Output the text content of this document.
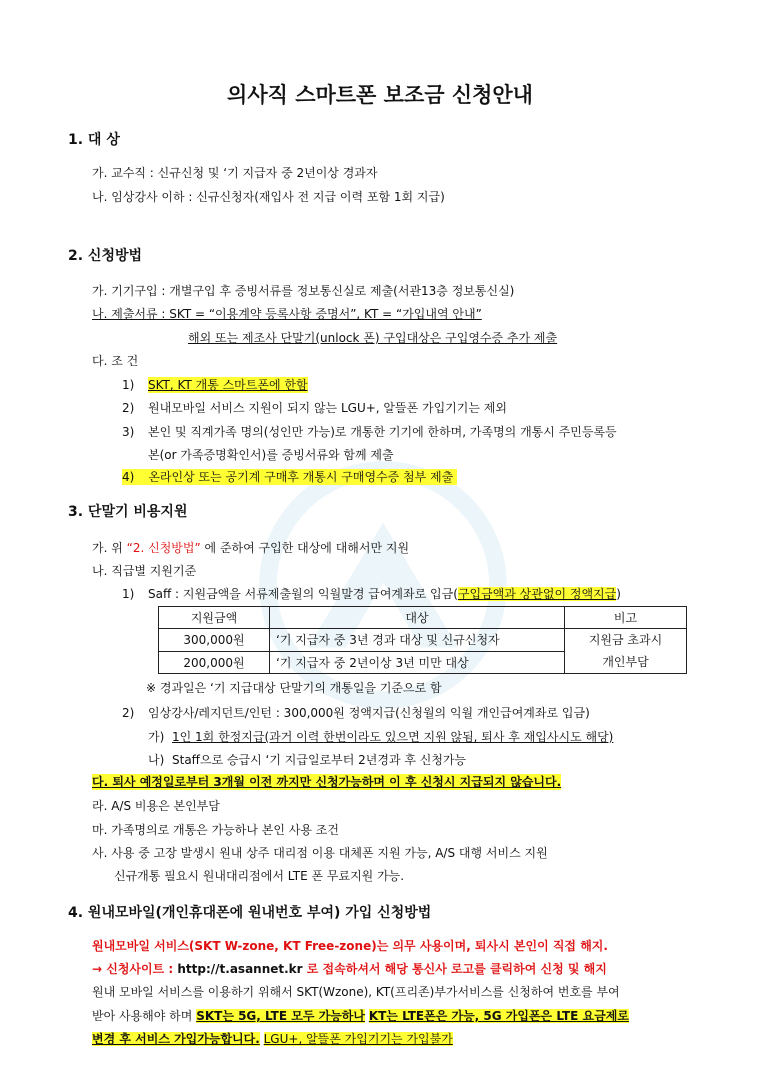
의사직 스마트폰 보조금 신청안내
1. 대 상
가. 교수직 : 신규신청 및 ‘기 지급자 중 2년이상 경과자
나. 임상강사 이하 : 신규신청자(재입사 전 지급 이력 포함 1회 지급)
2. 신청방법
가. 기기구입 : 개별구입 후 증빙서류를 정보통신실로 제출(서관13층 정보통신실)
나. 제출서류 : SKT = “이용계약 등록사항 증명서”, KT = “가입내역 안내”
해외 또는 제조사 단말기(unlock 폰) 구입대상은 구입영수증 추가 제출
다. 조 건
1) SKT, KT 개통 스마트폰에 한함
2) 원내모바일 서비스 지원이 되지 않는 LGU+, 알뜰폰 가입기기는 제외
3) 본인 및 직계가족 명의(성인만 가능)로 개통한 기기에 한하며, 가족명의 개통시 주민등록등
본(or 가족증명확인서)를 증빙서류와 함께 제출
4) 온라인상 또는 공기계 구매후 개통시 구매영수증 첨부 제출
3. 단말기 비용지원
가. 위 “2. 신청방법” 에 준하여 구입한 대상에 대해서만 지원
나. 직급별 지원기준
1) Saff : 지원금액을 서류제출월의 익월말경 급여계좌로 입금(구입금액과 상관없이 정액지급)
지원금액	대상	비고
300,000원	‘기 지급자 중 3년 경과 대상 및 신규신청자	지원금 초과시
개인부담

200,000원	‘기 지급자 중 2년이상 3년 미만 대상	
※ 경과일은 ‘기 지급대상 단말기의 개통일을 기준으로 함
2) 임상강사/레지던트/인턴 : 300,000원 정액지급(신청월의 익월 개인급여계좌로 입금)
가) 1인 1회 한정지급(과거 이력 한번이라도 있으면 지원 않됨, 퇴사 후 재입사시도 해당)
나) Staff으로 승급시 ‘기 지급일로부터 2년경과 후 신청가능
다. 퇴사 예정일로부터 3개월 이전 까지만 신청가능하며 이 후 신청시 지급되지 않습니다.
라. A/S 비용은 본인부담
마. 가족명의로 개통은 가능하나 본인 사용 조건
사. 사용 중 고장 발생시 원내 상주 대리점 이용 대체폰 지원 가능, A/S 대행 서비스 지원
신규개통 필요시 원내대리점에서 LTE 폰 무료지원 가능.
4. 원내모바일(개인휴대폰에 원내번호 부여) 가입 신청방법
원내모바일 서비스(SKT W-zone, KT Free-zone)는 의무 사용이며, 퇴사시 본인이 직접 해지.
→ 신청사이트 : http://t.asannet.kr 로 접속하셔서 해당 통신사 로고를 클릭하여 신청 및 해지
원내 모바일 서비스를 이용하기 위해서 SKT(Wzone), KT(프리존)부가서비스를 신청하여 번호를 부여
받아 사용해야 하며 SKT는 5G, LTE 모두 가능하나 KT는 LTE폰은 가능, 5G 가입폰은 LTE 요금제로
변경 후 서비스 가입가능합니다. LGU+, 알뜰폰 가입기기는 가입불가
